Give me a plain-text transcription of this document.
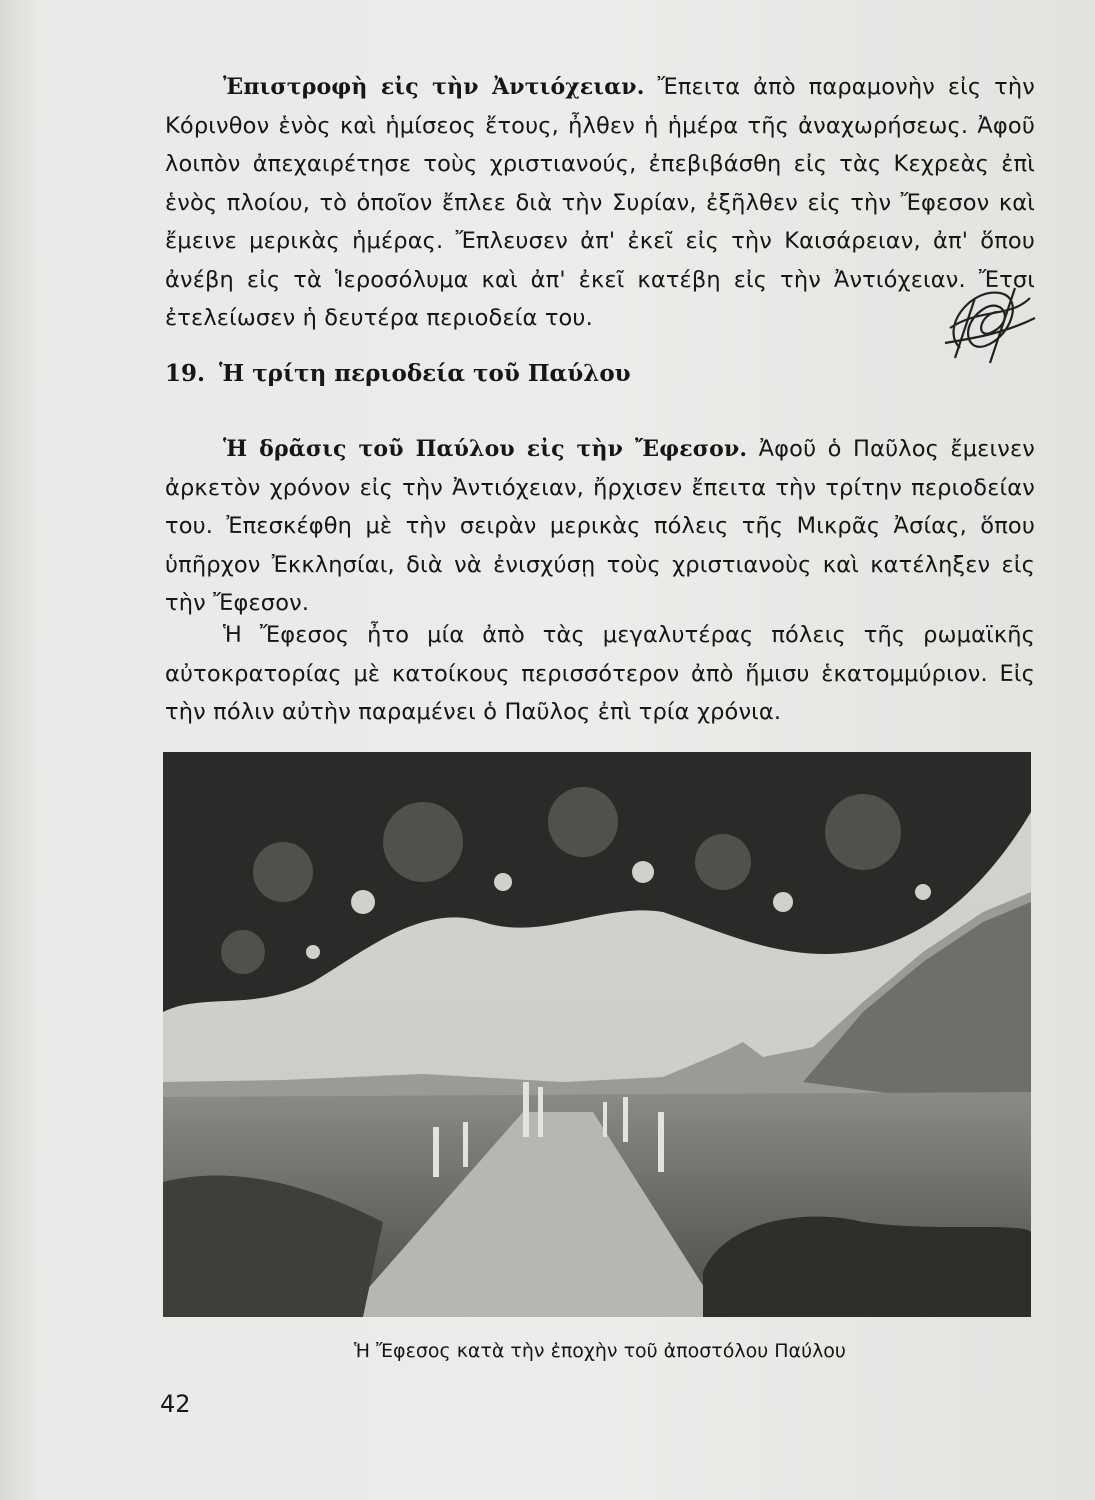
Ἐπιστροφὴ εἰς τὴν Ἀντιόχειαν. Ἔπειτα ἀπὸ παραμονὴν εἰς τὴν Κόρινθον ἑνὸς καὶ ἡμίσεος ἔτους, ἦλθεν ἡ ἡμέρα τῆς ἀναχωρήσεως. Ἀφοῦ λοιπὸν ἀπεχαιρέτησε τοὺς χριστιανούς, ἐπεβιβάσθη εἰς τὰς Κεχρεὰς ἐπὶ ἑνὸς πλοίου, τὸ ὁποῖον ἔπλεε διὰ τὴν Συρίαν, ἐξῆλθεν εἰς τὴν Ἔφεσον καὶ ἔμεινε μερικὰς ἡμέρας. Ἔπλευσεν ἀπ' ἐκεῖ εἰς τὴν Καισάρειαν, ἀπ' ὅπου ἀνέβη εἰς τὰ Ἱεροσόλυμα καὶ ἀπ' ἐκεῖ κατέβη εἰς τὴν Ἀντιόχειαν. Ἔτσι ἐτελείωσεν ἡ δευτέρα περιοδεία του.

19. Ἡ τρίτη περιοδεία τοῦ Παύλου

Ἡ δρᾶσις τοῦ Παύλου εἰς τὴν Ἔφεσον. Ἀφοῦ ὁ Παῦλος ἔμεινεν ἀρκετὸν χρόνον εἰς τὴν Ἀντιόχειαν, ἤρχισεν ἔπειτα τὴν τρίτην περιοδείαν του. Ἐπεσκέφθη μὲ τὴν σειρὰν μερικὰς πόλεις τῆς Μικρᾶς Ἀσίας, ὅπου ὑπῆρχον Ἐκκλησίαι, διὰ νὰ ἐνισχύσῃ τοὺς χριστιανοὺς καὶ κατέληξεν εἰς τὴν Ἔφεσον.

Ἡ Ἔφεσος ἦτο μία ἀπὸ τὰς μεγαλυτέρας πόλεις τῆς ρωμαϊκῆς αὐτοκρατορίας μὲ κατοίκους περισσότερον ἀπὸ ἥμισυ ἑκατομμύριον. Εἰς τὴν πόλιν αὐτὴν παραμένει ὁ Παῦλος ἐπὶ τρία χρόνια.

Ἡ Ἔφεσος κατὰ τὴν ἐποχὴν τοῦ ἀποστόλου Παύλου

42
